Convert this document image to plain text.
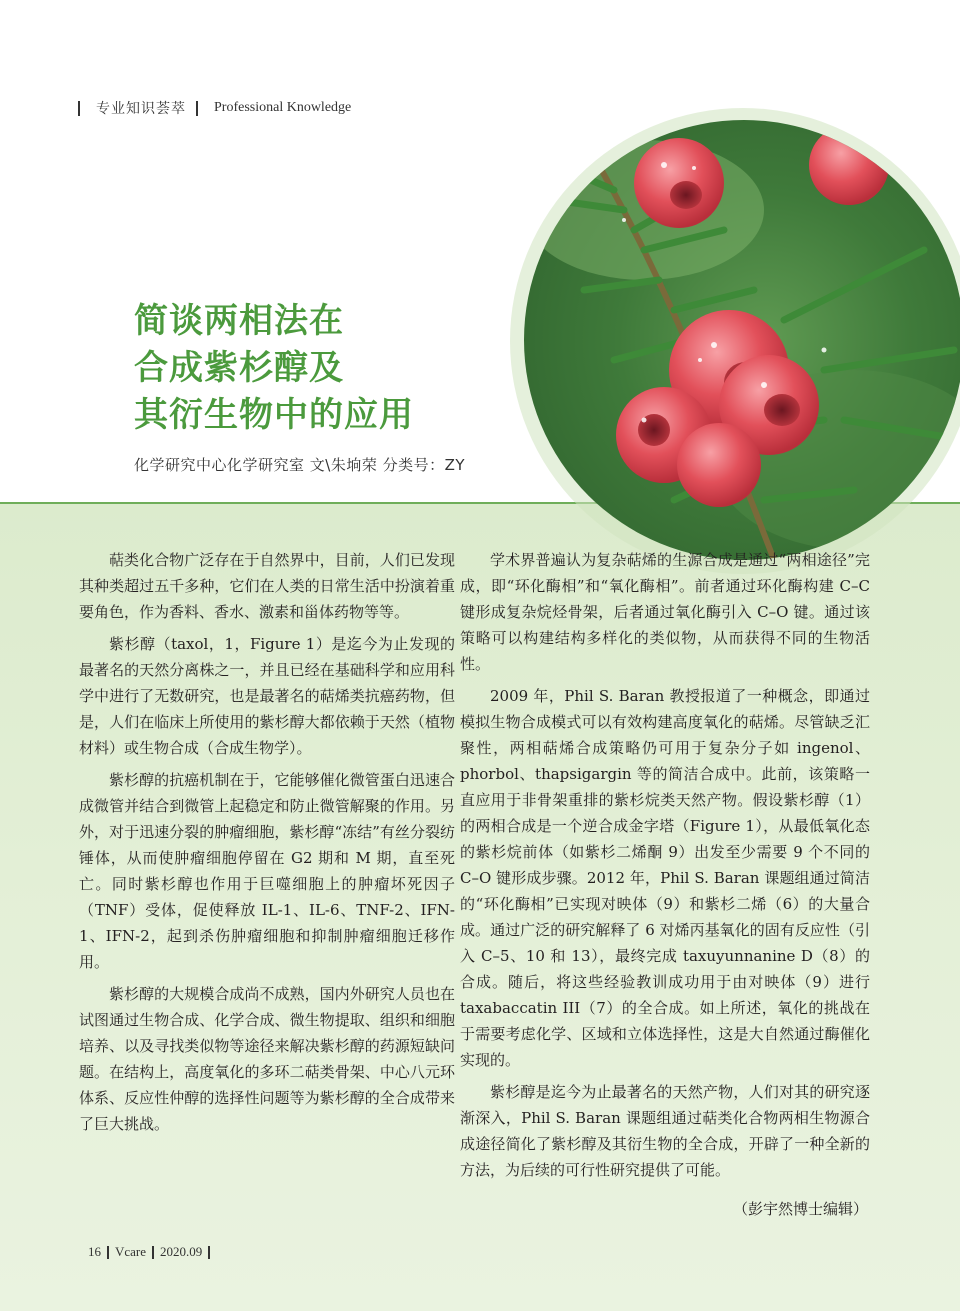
专业知识荟萃 Professional Knowledge
简谈两相法在
合成紫杉醇及
其衍生物中的应用
化学研究中心化学研究室 文\朱垧荣 分类号：ZY

萜类化合物广泛存在于自然界中，目前，人们已发现其种类超过五千多种，它们在人类的日常生活中扮演着重要角色，作为香料、香水、激素和甾体药物等等。

紫杉醇（taxol，1，Figure 1）是迄今为止发现的最著名的天然分离株之一，并且已经在基础科学和应用科学中进行了无数研究，也是最著名的萜烯类抗癌药物，但是，人们在临床上所使用的紫杉醇大都依赖于天然（植物材料）或生物合成（合成生物学）。

紫杉醇的抗癌机制在于，它能够催化微管蛋白迅速合成微管并结合到微管上起稳定和防止微管解聚的作用。另外，对于迅速分裂的肿瘤细胞，紫杉醇“冻结”有丝分裂纺锤体，从而使肿瘤细胞停留在 G2 期和 M 期，直至死亡。同时紫杉醇也作用于巨噬细胞上的肿瘤坏死因子（TNF）受体，促使释放 IL-1、IL-6、TNF-2、IFN-1、IFN-2，起到杀伤肿瘤细胞和抑制肿瘤细胞迁移作用。

紫杉醇的大规模合成尚不成熟，国内外研究人员也在试图通过生物合成、化学合成、微生物提取、组织和细胞培养、以及寻找类似物等途径来解决紫杉醇的药源短缺问题。在结构上，高度氧化的多环二萜类骨架、中心八元环体系、反应性仲醇的选择性问题等为紫杉醇的全合成带来了巨大挑战。

学术界普遍认为复杂萜烯的生源合成是通过“两相途径”完成，即“环化酶相”和“氧化酶相”。前者通过环化酶构建 C–C 键形成复杂烷烃骨架，后者通过氧化酶引入 C–O 键。通过该策略可以构建结构多样化的类似物，从而获得不同的生物活性。

2009 年，Phil S. Baran 教授报道了一种概念，即通过模拟生物合成模式可以有效构建高度氧化的萜烯。尽管缺乏汇聚性，两相萜烯合成策略仍可用于复杂分子如 ingenol、phorbol、thapsigargin 等的简洁合成中。此前，该策略一直应用于非骨架重排的紫杉烷类天然产物。假设紫杉醇（1）的两相合成是一个逆合成金字塔（Figure 1），从最低氧化态的紫杉烷前体（如紫杉二烯酮 9）出发至少需要 9 个不同的 C–O 键形成步骤。2012 年，Phil S. Baran 课题组通过简洁的“环化酶相”已实现对映体（9）和紫杉二烯（6）的大量合成。通过广泛的研究解释了 6 对烯丙基氧化的固有反应性（引入 C–5、10 和 13），最终完成 taxuyunnanine D（8）的合成。随后，将这些经验教训成功用于由对映体（9）进行 taxabaccatin III（7）的全合成。如上所述，氧化的挑战在于需要考虑化学、区域和立体选择性，这是大自然通过酶催化实现的。

紫杉醇是迄今为止最著名的天然产物，人们对其的研究逐渐深入，Phil S. Baran 课题组通过萜类化合物两相生物源合成途径简化了紫杉醇及其衍生物的全合成，开辟了一种全新的方法，为后续的可行性研究提供了可能。

（彭宇然博士编辑）
16 Vcare 2020.09
